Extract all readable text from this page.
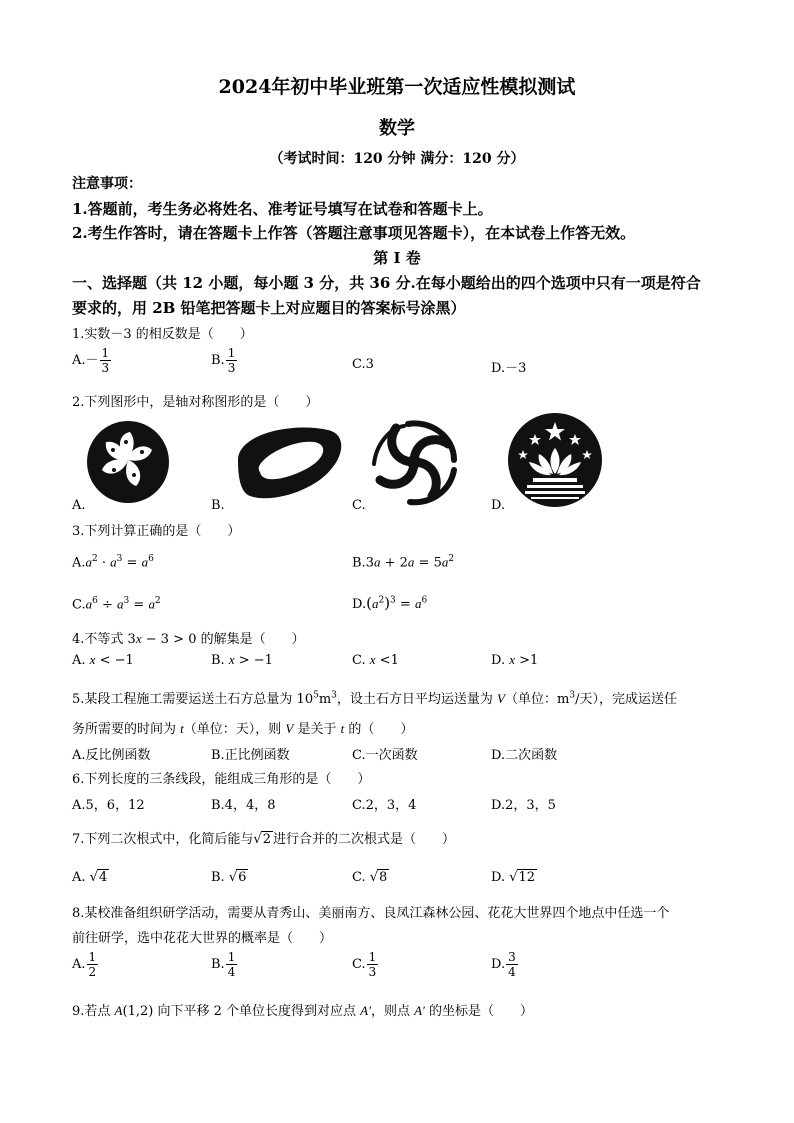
2024年初中毕业班第一次适应性模拟测试
数学
（考试时间：120 分钟 满分：120 分）
注意事项：
1.答题前，考生务必将姓名、准考证号填写在试卷和答题卡上。
2.考生作答时，请在答题卡上作答（答题注意事项见答题卡），在本试卷上作答无效。
第 I 卷
一、选择题（共 12 小题，每小题 3 分，共 36 分.在每小题给出的四个选项中只有一项是符合
要求的，用 2B 铅笔把答题卡上对应题目的答案标号涂黑）
1.实数－3 的相反数是（　　）
$A.- \frac{1}{3}$	B. $\frac{1}{3}$	C.3	D.－3
2.下列图形中，是轴对称图形的是（　　）
A.	B.	C.	D.
3.下列计算正确的是（　　）
$A.a^2 \cdot a^3 = a^6$	$B.3a + 2a = 5a^2$
$C.a^6 \div a^3 = a^2$	$D.(a^2)^3 = a^6$
4.不等式 3x − 3 > 0 的解集是（　　）
A. x < −1	B. x > −1	C. x <1	D. x >1
5.某段工程施工需要运送土石方总量为 $10^5m^3$，设土石方日平均运送量为 V（单位：$m^3/$天），完成运送任
务所需要的时间为 t（单位：天），则 V 是关于 t 的（　　）
A.反比例函数	B.正比例函数	C.一次函数	D.二次函数
6.下列长度的三条线段，能组成三角形的是（　　）
A.5，6，12	B.4，4，8	C.2，3，4	D.2，3，5
7.下列二次根式中，化简后能与√2 进行合并的二次根式是（　　）
A. √4	B. √6	C. √8	D. √12
8.某校准备组织研学活动，需要从青秀山、美丽南方、良凤江森林公园、花花大世界四个地点中任选一个
前往研学，选中花花大世界的概率是（　　）
A. $\frac{1}{2}$	B. $\frac{1}{4}$	C. $\frac{1}{3}$	D. $\frac{3}{4}$
9.若点 A(1,2) 向下平移 2 个单位长度得到对应点 A′，则点 A′ 的坐标是（　　）
